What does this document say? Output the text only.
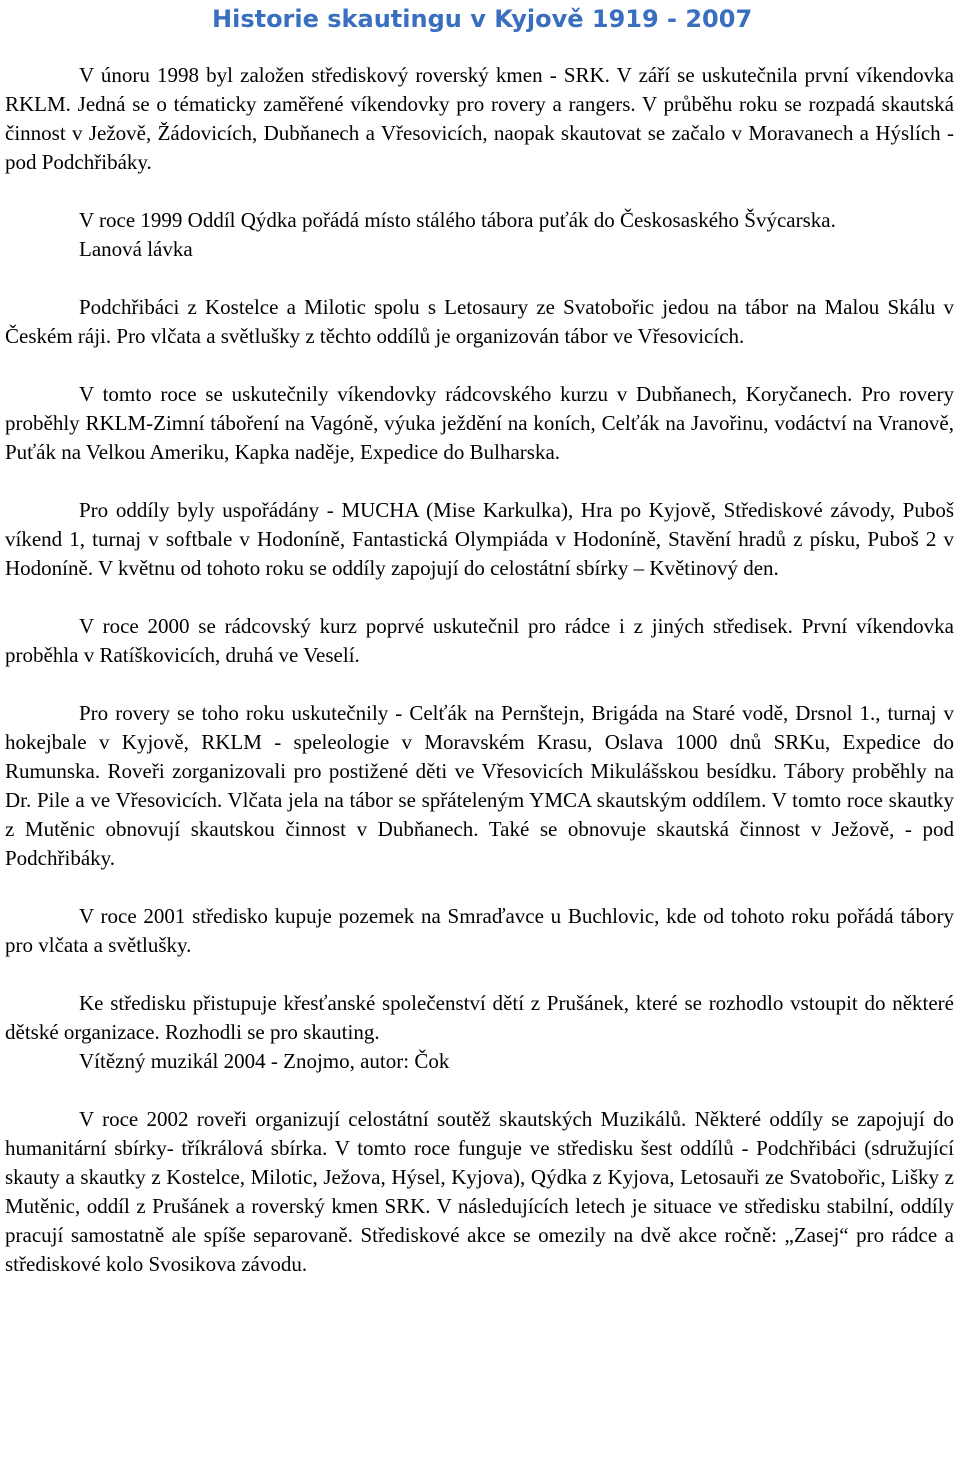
Historie skautingu v Kyjově 1919 - 2007

V únoru 1998 byl založen střediskový roverský kmen - SRK. V září se uskutečnila první víkendovka RKLM. Jedná se o tématicky zaměřené víkendovky pro rovery a rangers. V průběhu roku se rozpadá skautská činnost v Ježově, Žádovicích, Dubňanech a Vřesovicích, naopak skautovat se začalo v Moravanech a Hýslích - pod Podchřibáky.

V roce 1999 Oddíl Qýdka pořádá místo stálého tábora puťák do Českosaského Švýcarska.

Lanová lávka

Podchřibáci z Kostelce a Milotic spolu s Letosaury ze Svatobořic jedou na tábor na Malou Skálu v Českém ráji. Pro vlčata a světlušky z těchto oddílů je organizován tábor ve Vřesovicích.

V tomto roce se uskutečnily víkendovky rádcovského kurzu v Dubňanech, Koryčanech. Pro rovery proběhly RKLM-Zimní táboření na Vagóně, výuka ježdění na koních, Celťák na Javořinu, vodáctví na Vranově, Puťák na Velkou Ameriku, Kapka naděje, Expedice do Bulharska.

Pro oddíly byly uspořádány - MUCHA (Mise Karkulka), Hra po Kyjově, Střediskové závody, Puboš víkend 1, turnaj v softbale v Hodoníně, Fantastická Olympiáda v Hodoníně, Stavění hradů z písku, Puboš 2 v Hodoníně. V květnu od tohoto roku se oddíly zapojují do celostátní sbírky – Květinový den.

V roce 2000 se rádcovský kurz poprvé uskutečnil pro rádce i z jiných středisek. První víkendovka proběhla v Ratíškovicích, druhá ve Veselí.

Pro rovery se toho roku uskutečnily - Celťák na Pernštejn, Brigáda na Staré vodě, Drsnol 1., turnaj v hokejbale v Kyjově, RKLM - speleologie v Moravském Krasu, Oslava 1000 dnů SRKu, Expedice do Rumunska. Roveři zorganizovali pro postižené děti ve Vřesovicích Mikulášskou besídku. Tábory proběhly na Dr. Pile a ve Vřesovicích. Vlčata jela na tábor se spřáteleným YMCA skautským oddílem. V tomto roce skautky z Mutěnic obnovují skautskou činnost v Dubňanech. Také se obnovuje skautská činnost v Ježově, - pod Podchřibáky.

V roce 2001 středisko kupuje pozemek na Smraďavce u Buchlovic, kde od tohoto roku pořádá tábory pro vlčata a světlušky.

Ke středisku přistupuje křesťanské společenství dětí z Prušánek, které se rozhodlo vstoupit do některé dětské organizace. Rozhodli se pro skauting.

Vítězný muzikál 2004 - Znojmo, autor: Čok

V roce 2002 roveři organizují celostátní soutěž skautských Muzikálů. Některé oddíly se zapojují do humanitární sbírky- tříkrálová sbírka. V tomto roce funguje ve středisku šest oddílů - Podchřibáci (sdružující skauty a skautky z Kostelce, Milotic, Ježova, Hýsel, Kyjova), Qýdka z Kyjova, Letosauři ze Svatobořic, Lišky z Mutěnic, oddíl z Prušánek a roverský kmen SRK. V následujících letech je situace ve středisku stabilní, oddíly pracují samostatně ale spíše separovaně. Střediskové akce se omezily na dvě akce ročně: „Zasej“ pro rádce a střediskové kolo Svosikova závodu.
